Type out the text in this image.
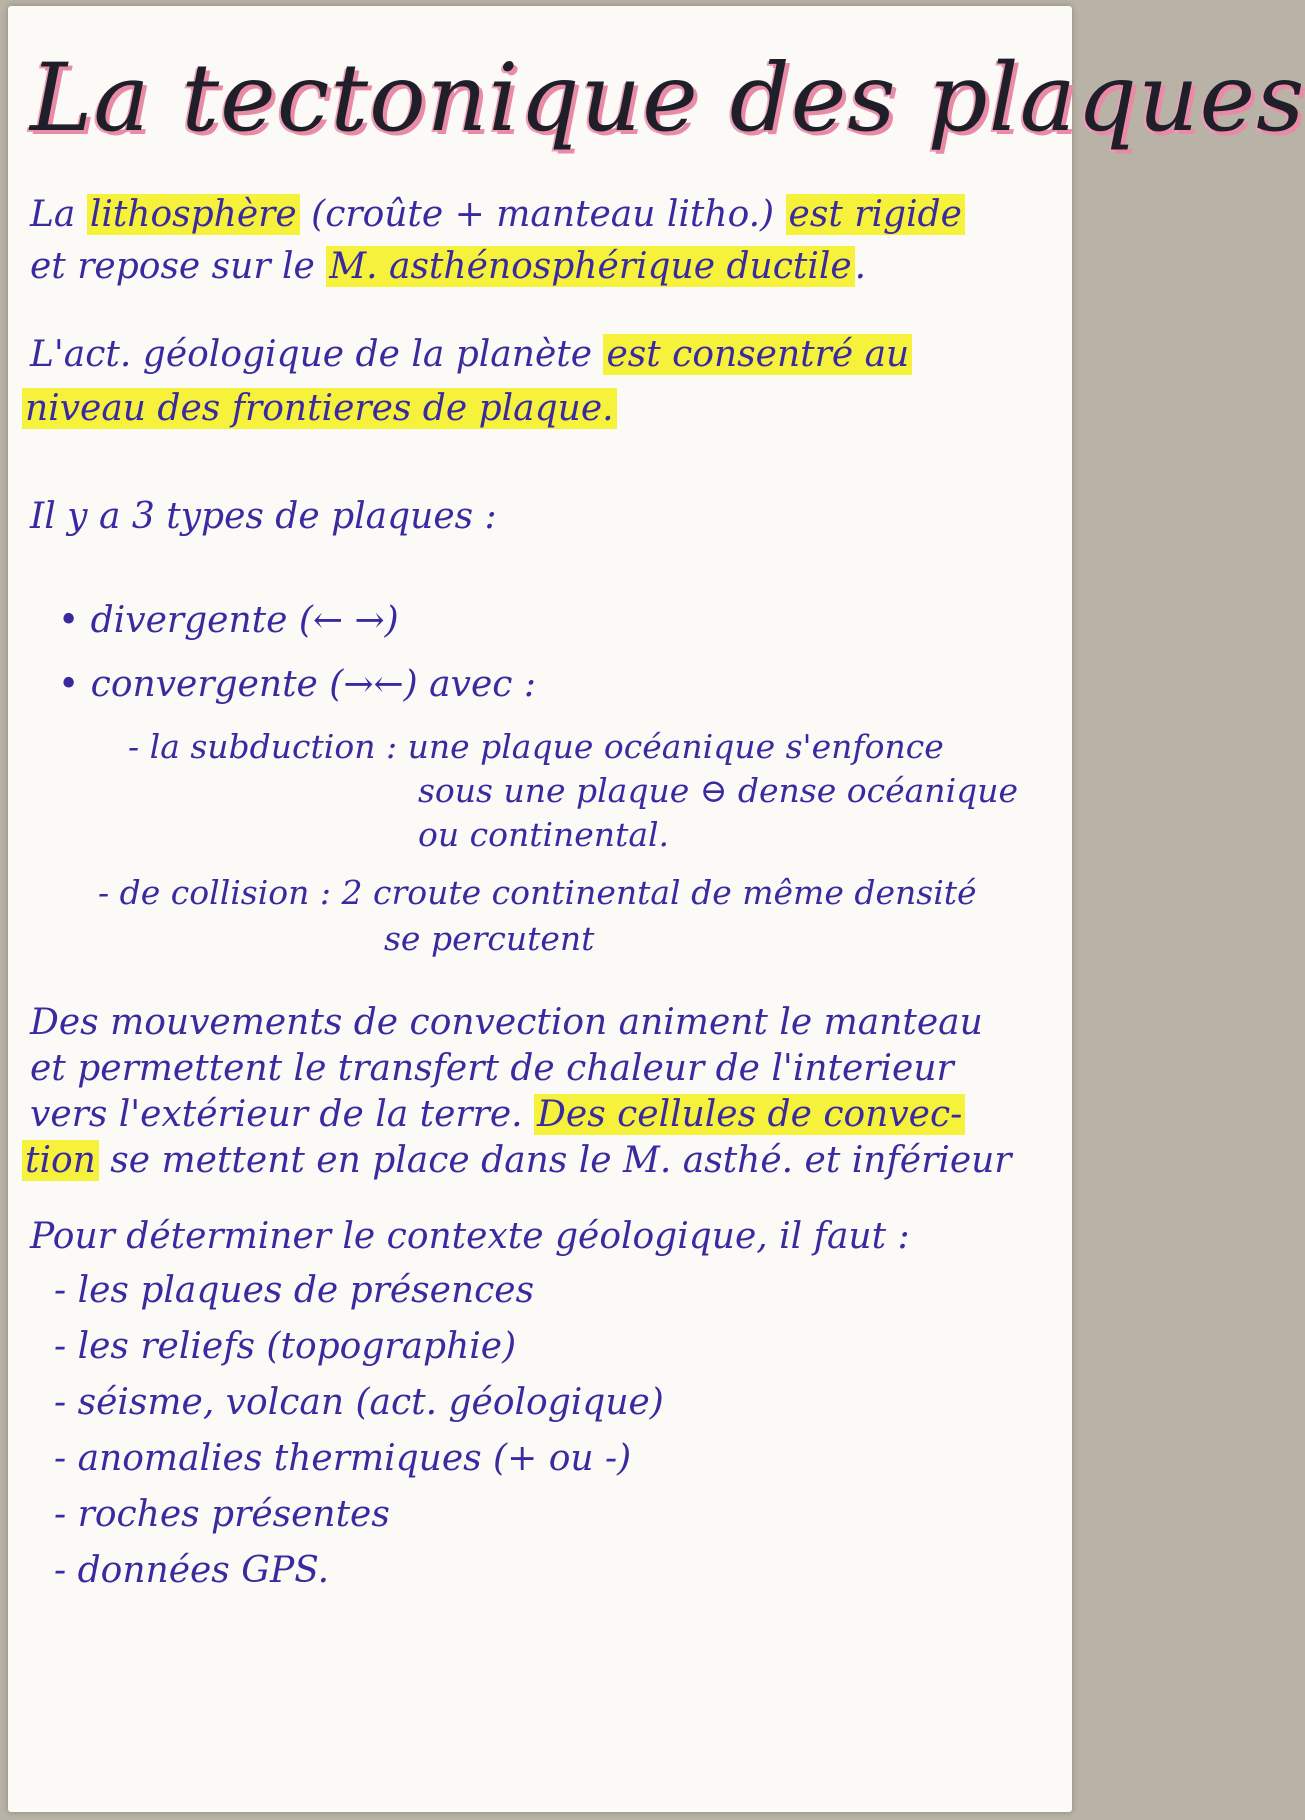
La tectonique des plaques
La lithosphère (croûte + manteau litho.) est rigide
et repose sur le M. asthénosphérique ductile.
L'act. géologique de la planète est consentré au
niveau des frontieres de plaque.
Il y a 3 types de plaques :
• divergente (← →)
• convergente (→←) avec :
- la subduction : une plaque océanique s'enfonce
sous une plaque ⊖ dense océanique
ou continental.
- de collision : 2 croute continental de même densité
se percutent
Des mouvements de convection animent le manteau
et permettent le transfert de chaleur de l'interieur
vers l'extérieur de la terre. Des cellules de convec-
tion se mettent en place dans le M. asthé. et inférieur
Pour déterminer le contexte géologique, il faut :
- les plaques de présences
- les reliefs (topographie)
- séisme, volcan (act. géologique)
- anomalies thermiques (+ ou -)
- roches présentes
- données GPS.
